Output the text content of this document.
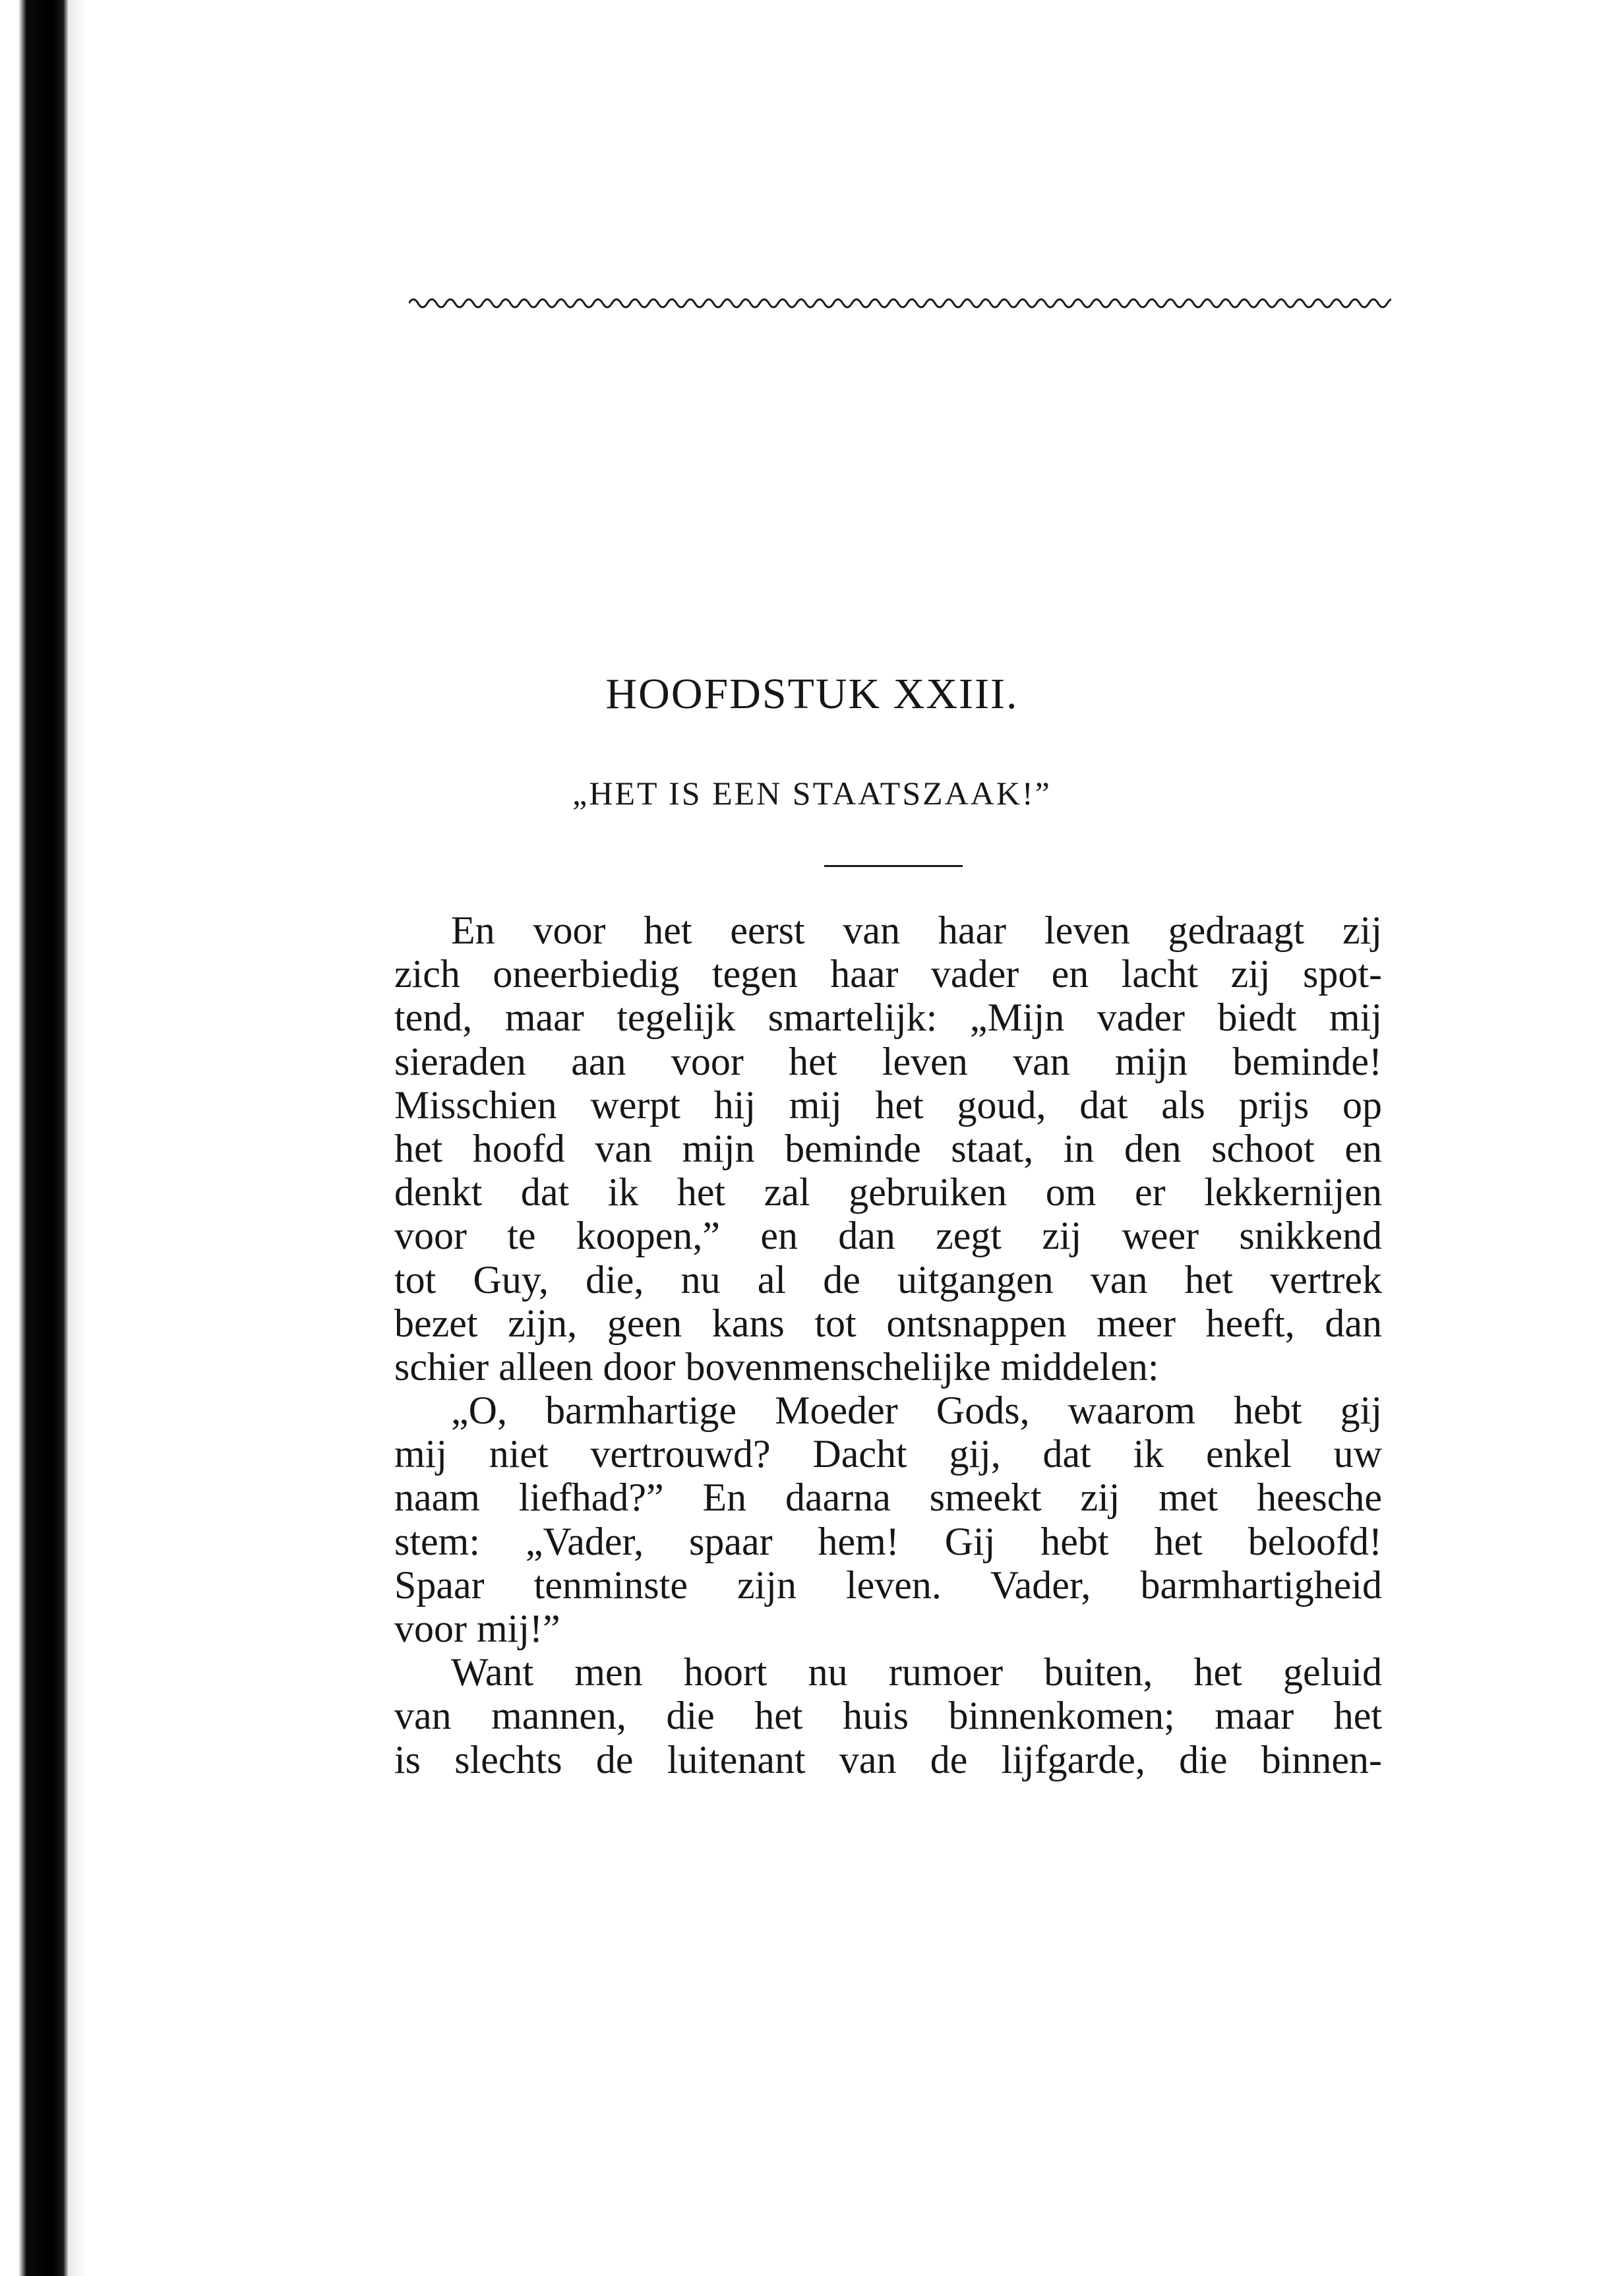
HOOFDSTUK XXIII.
„HET IS EEN STAATSZAAK!”
En voor het eerst van haar leven gedraagt zij
zich oneerbiedig tegen haar vader en lacht zij spot-
tend, maar tegelijk smartelijk: „Mijn vader biedt mij
sieraden aan voor het leven van mijn beminde!
Misschien werpt hij mij het goud, dat als prijs op
het hoofd van mijn beminde staat, in den schoot en
denkt dat ik het zal gebruiken om er lekkernijen
voor te koopen,” en dan zegt zij weer snikkend
tot Guy, die, nu al de uitgangen van het vertrek
bezet zijn, geen kans tot ontsnappen meer heeft, dan
schier alleen door bovenmenschelijke middelen:
„O, barmhartige Moeder Gods, waarom hebt gij
mij niet vertrouwd? Dacht gij, dat ik enkel uw
naam liefhad?” En daarna smeekt zij met heesche
stem: „Vader, spaar hem! Gij hebt het beloofd!
Spaar tenminste zijn leven. Vader, barmhartigheid
voor mij!”
Want men hoort nu rumoer buiten, het geluid
van mannen, die het huis binnenkomen; maar het
is slechts de luitenant van de lijfgarde, die binnen-
